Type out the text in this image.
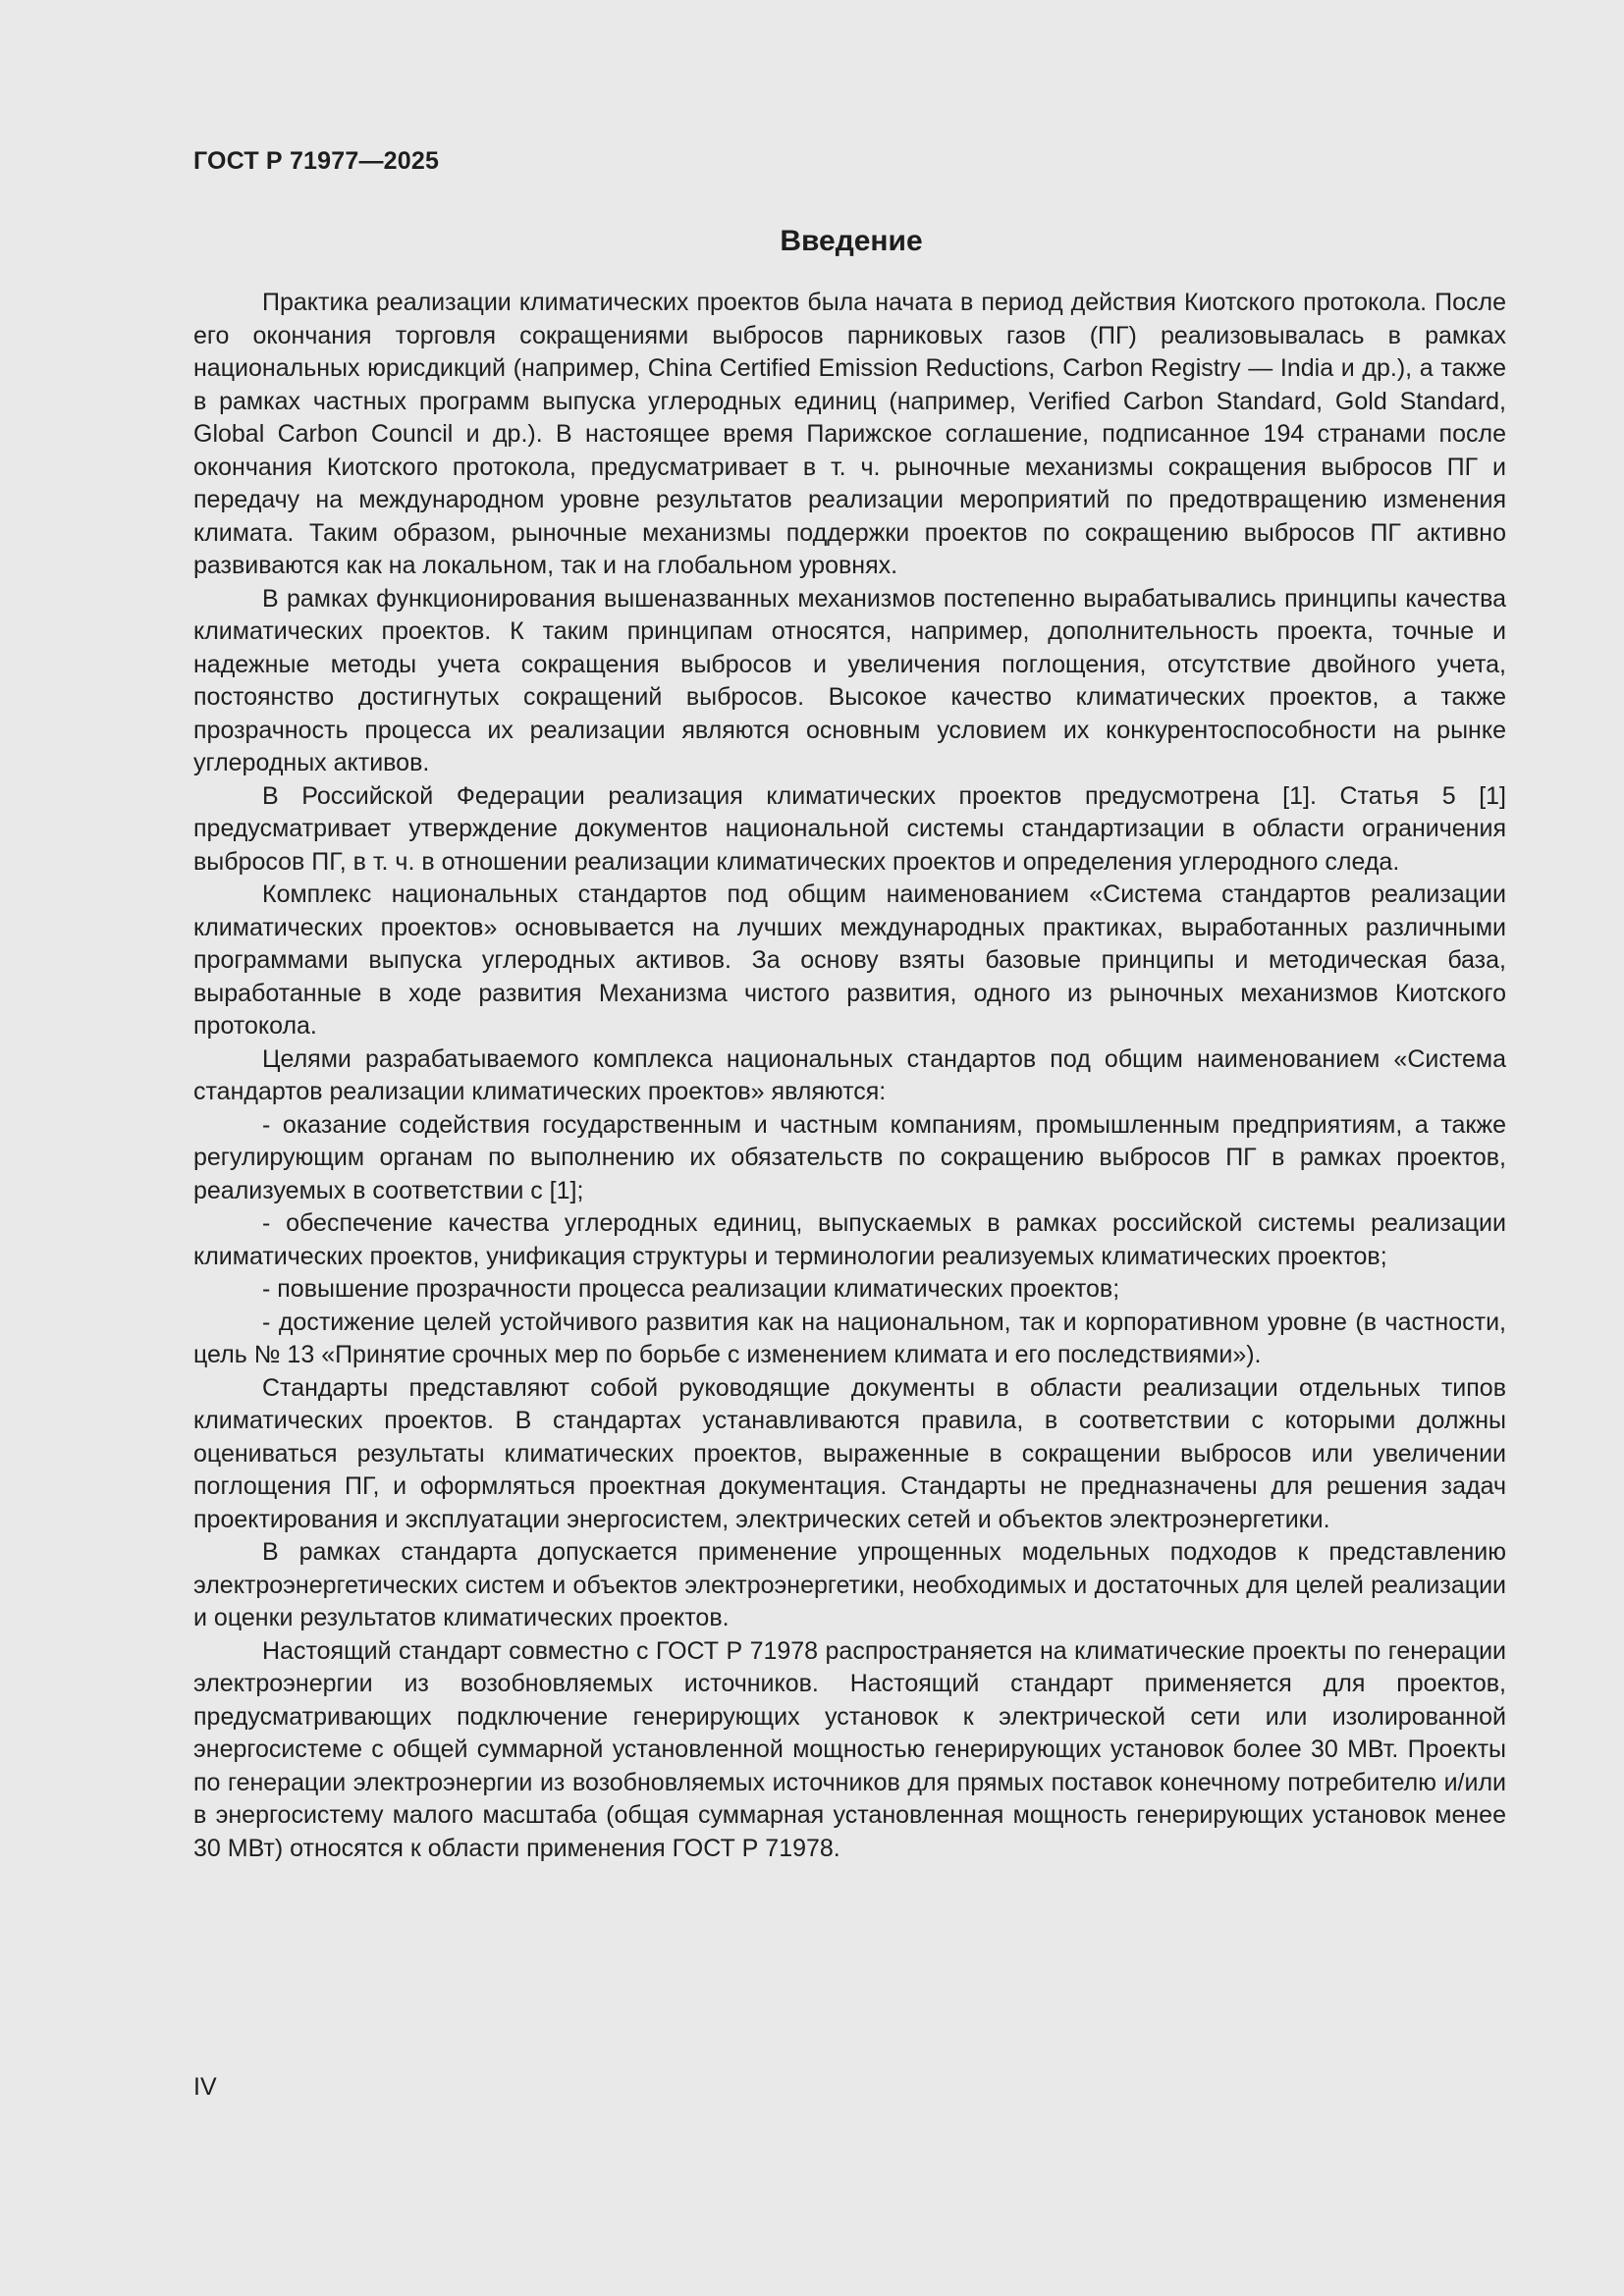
ГОСТ Р 71977—2025
Введение

Практика реализации климатических проектов была начата в период действия Киотского протокола. После его окончания торговля сокращениями выбросов парниковых газов (ПГ) реализовывалась в рамках национальных юрисдикций (например, China Certified Emission Reductions, Carbon Registry — India и др.), а также в рамках частных программ выпуска углеродных единиц (например, Verified Carbon Standard, Gold Standard, Global Carbon Council и др.). В настоящее время Парижское соглашение, подписанное 194 странами после окончания Киотского протокола, предусматривает в т. ч. рыночные механизмы сокращения выбросов ПГ и передачу на международном уровне результатов реализации мероприятий по предотвращению изменения климата. Таким образом, рыночные механизмы поддержки проектов по сокращению выбросов ПГ активно развиваются как на локальном, так и на глобальном уровнях.

В рамках функционирования вышеназванных механизмов постепенно вырабатывались принципы качества климатических проектов. К таким принципам относятся, например, дополнительность проекта, точные и надежные методы учета сокращения выбросов и увеличения поглощения, отсутствие двойного учета, постоянство достигнутых сокращений выбросов. Высокое качество климатических проектов, а также прозрачность процесса их реализации являются основным условием их конкурентоспособности на рынке углеродных активов.

В Российской Федерации реализация климатических проектов предусмотрена [1]. Статья 5 [1] предусматривает утверждение документов национальной системы стандартизации в области ограничения выбросов ПГ, в т. ч. в отношении реализации климатических проектов и определения углеродного следа.

Комплекс национальных стандартов под общим наименованием «Система стандартов реализации климатических проектов» основывается на лучших международных практиках, выработанных различными программами выпуска углеродных активов. За основу взяты базовые принципы и методическая база, выработанные в ходе развития Механизма чистого развития, одного из рыночных механизмов Киотского протокола.

Целями разрабатываемого комплекса национальных стандартов под общим наименованием «Система стандартов реализации климатических проектов» являются:

- оказание содействия государственным и частным компаниям, промышленным предприятиям, а также регулирующим органам по выполнению их обязательств по сокращению выбросов ПГ в рамках проектов, реализуемых в соответствии с [1];

- обеспечение качества углеродных единиц, выпускаемых в рамках российской системы реализации климатических проектов, унификация структуры и терминологии реализуемых климатических проектов;

- повышение прозрачности процесса реализации климатических проектов;

- достижение целей устойчивого развития как на национальном, так и корпоративном уровне (в частности, цель № 13 «Принятие срочных мер по борьбе с изменением климата и его последствиями»).

Стандарты представляют собой руководящие документы в области реализации отдельных типов климатических проектов. В стандартах устанавливаются правила, в соответствии с которыми должны оцениваться результаты климатических проектов, выраженные в сокращении выбросов или увеличении поглощения ПГ, и оформляться проектная документация. Стандарты не предназначены для решения задач проектирования и эксплуатации энергосистем, электрических сетей и объектов электроэнергетики.

В рамках стандарта допускается применение упрощенных модельных подходов к представлению электроэнергетических систем и объектов электроэнергетики, необходимых и достаточных для целей реализации и оценки результатов климатических проектов.

Настоящий стандарт совместно с ГОСТ Р 71978 распространяется на климатические проекты по генерации электроэнергии из возобновляемых источников. Настоящий стандарт применяется для проектов, предусматривающих подключение генерирующих установок к электрической сети или изолированной энергосистеме с общей суммарной установленной мощностью генерирующих установок более 30 МВт. Проекты по генерации электроэнергии из возобновляемых источников для прямых поставок конечному потребителю и/или в энергосистему малого масштаба (общая суммарная установленная мощность генерирующих установок менее 30 МВт) относятся к области применения ГОСТ Р 71978.

IV
